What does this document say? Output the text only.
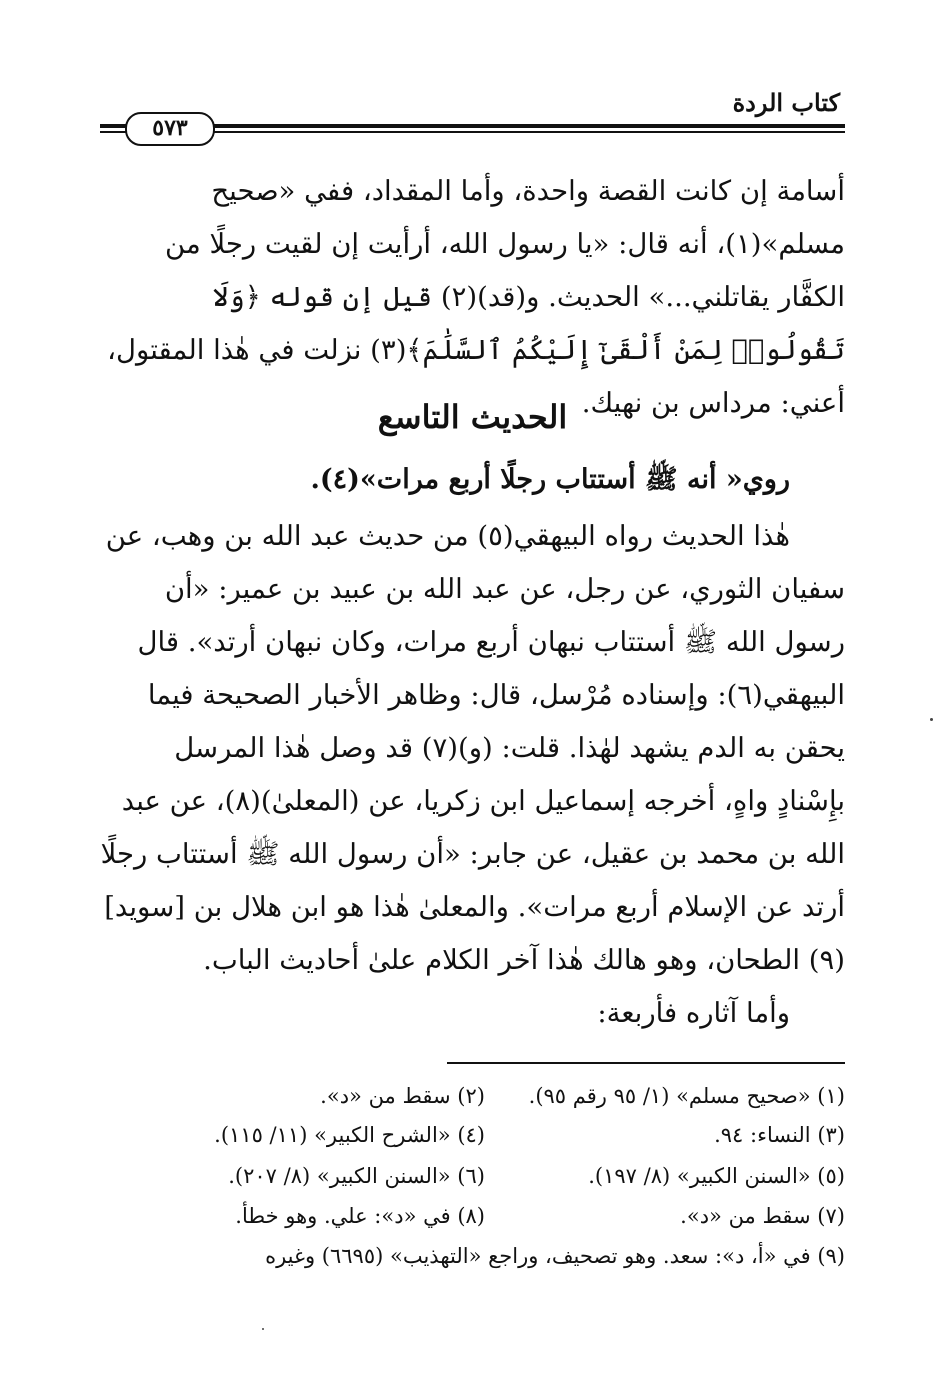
كتاب الردة
٥٧٣
أسامة إن كانت القصة واحدة، وأما المقداد، ففي «صحيح مسلم»(١)، أنه قال: «يا رسول الله، أرأيت إن لقيت رجلًا من الكفَّار يقاتلني...» الحديث. و(قد)(٢) قيل إن قوله ﴿وَلَا تَقُولُوا۟ لِمَنْ أَلْقَىٰٓ إِلَيْكُمُ ٱلسَّلَٰمَ﴾(٣) نزلت في هٰذا المقتول، أعني: مرداس بن نهيك.
الحديث التاسع
روي« أنه ﷺ أستتاب رجلًا أربع مرات»(٤).
هٰذا الحديث رواه البيهقي(٥) من حديث عبد الله بن وهب، عن سفيان الثوري، عن رجل، عن عبد الله بن عبيد بن عمير: «أن رسول الله ﷺ أستتاب نبهان أربع مرات، وكان نبهان أرتد». قال البيهقي(٦): وإسناده مُرْسل، قال: وظاهر الأخبار الصحيحة فيما يحقن به الدم يشهد لهٰذا. قلت: (و)(٧) قد وصل هٰذا المرسل بإِسْنادٍ واهٍ، أخرجه إسماعيل ابن زكريا، عن (المعلىٰ)(٨)، عن عبد الله بن محمد بن عقيل، عن جابر: «أن رسول الله ﷺ أستتاب رجلًا أرتد عن الإسلام أربع مرات». والمعلىٰ هٰذا هو ابن هلال بن [سويد](٩) الطحان، وهو هالك هٰذا آخر الكلام علىٰ أحاديث الباب.
وأما آثاره فأربعة:
(١) «صحيح مسلم» (١/ ٩٥ رقم ٩٥).
(٢) سقط من «د».
(٣) النساء: ٩٤.
(٤) «الشرح الكبير» (١١/ ١١٥).
(٥) «السنن الكبير» (٨/ ١٩٧).
(٦) «السنن الكبير» (٨/ ٢٠٧).
(٧) سقط من «د».
(٨) في «د»: علي. وهو خطأ.
(٩) في «أ، د»: سعد. وهو تصحيف، وراجع «التهذيب» (٦٦٩٥) وغيره
